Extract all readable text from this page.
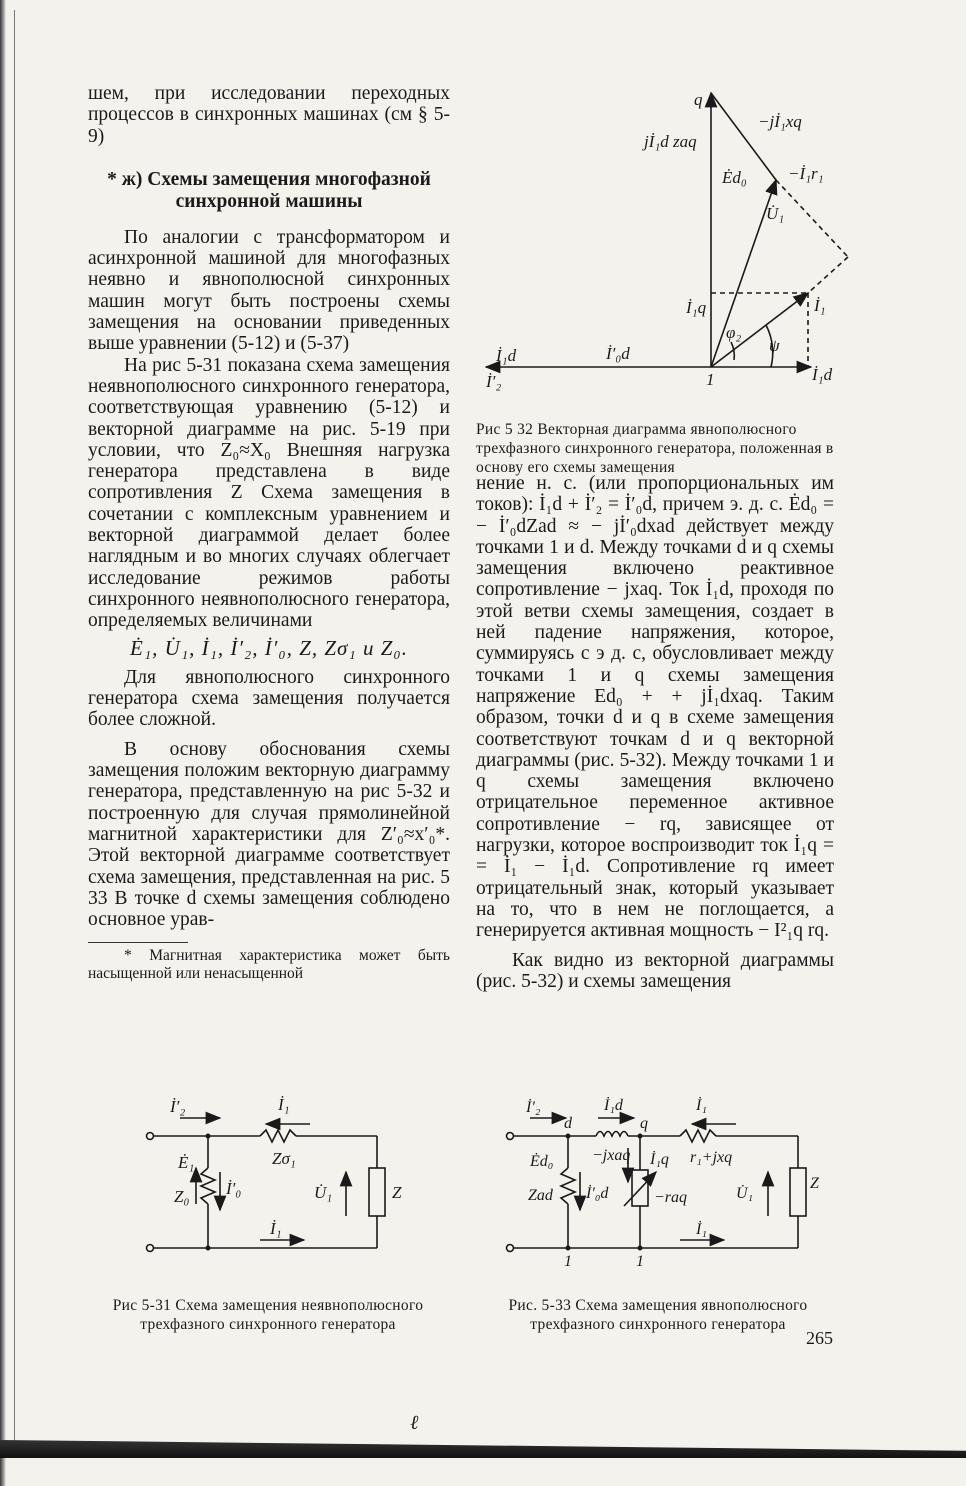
шем, при исследовании переходных процессов в синхронных машинах (см § 5-9)

* ж) Схемы замещения многофазной синхронной машины

По аналогии с трансформатором и асинхронной машиной для многофазных неявно и явнополюсной синхронных машин могут быть построены схемы замещения на основании приведенных выше уравнении (5-12) и (5-37)

На рис 5-31 показана схема замещения неявнополюсного синхронного генератора, соответствующая уравнению (5-12) и векторной диаграмме на рис. 5-19 при условии, что Z₀≈X₀ Внешняя нагрузка генератора представлена в виде сопротивления Z Схема замещения в сочетании с комплексным уравнением и векторной диаграммой делает более наглядным и во многих случаях облегчает исследование режимов работы синхронного неявнополюсного генератора, определяемых величинами

Ė₁, U̇₁, İ₁, İ′₂, İ′₀, Z, Zσ₁ и Z₀.

Для явнополюсного синхронного генератора схема замещения получается более сложной.

В основу обоснования схемы замещения положим векторную диаграмму генератора, представленную на рис 5-32 и построенную для случая прямолинейной магнитной характеристики для Z′₀≈x′₀*. Этой векторной диаграмме соответствует схема замещения, представленная на рис. 5 33 В точке d схемы замещения соблюдено основное урав-

* Магнитная характеристика может быть насыщенной или ненасыщенной

нение н. с. (или пропорциональных им токов): İ₁d + İ′₂ = İ′₀d, причем э. д. с. Ėd₀ = − İ′₀dZad ≈ − jİ′₀dxad действует между точками 1 и d. Между точками d и q схемы замещения включено реактивное сопротивление − jxaq. Ток İ₁d, проходя по этой ветви схемы замещения, создает в ней падение напряжения, которое, суммируясь с э д. с, обусловливает между точками 1 и q схемы замещения напряжение Ed₀ + + jİ₁dxaq. Таким образом, точки d и q в схеме замещения соответствуют точкам d и q векторной диаграммы (рис. 5-32). Между точками 1 и q схемы замещения включено отрицательное переменное активное сопротивление − rq, зависящее от нагрузки, которое воспроизводит ток İ₁q = = İ₁ − İ₁d. Сопротивление rq имеет отрицательный знак, который указывает на то, что в нем не поглощается, а генерируется активная мощность − I²₁q rq.

Как видно из векторной диаграммы (рис. 5-32) и схемы замещения

q
jİ₁d zaq
−jİ₁xq
Ėd₀ −İ₁r₁
U̇₁
İ₁q	İ₁
φ₂
ψ
İ₁d	İ′₀d
İ′₂	1	İ₁d

Рис 5 32 Векторная диаграмма явнополюсного трехфазного синхронного генератора, положенная в основу его схемы замещения

İ′₂	İ₁
Ė₁
İ′₀
Zσ₁
U̇₁	Z
Z₀
İ₁

Рис 5-31 Схема замещения неявнополюсного трехфазного синхронного генератора

İ′₂
d
İ₁d
q
İ₁
Ėd₀ −jxaq İ₁q r₁+jxq
Zad İ′₀d	−raq	U̇₁
Z
1	1
İ₁

Рис. 5-33 Схема замещения явнополюсного трехфазного синхронного генератора

265
ℓ
